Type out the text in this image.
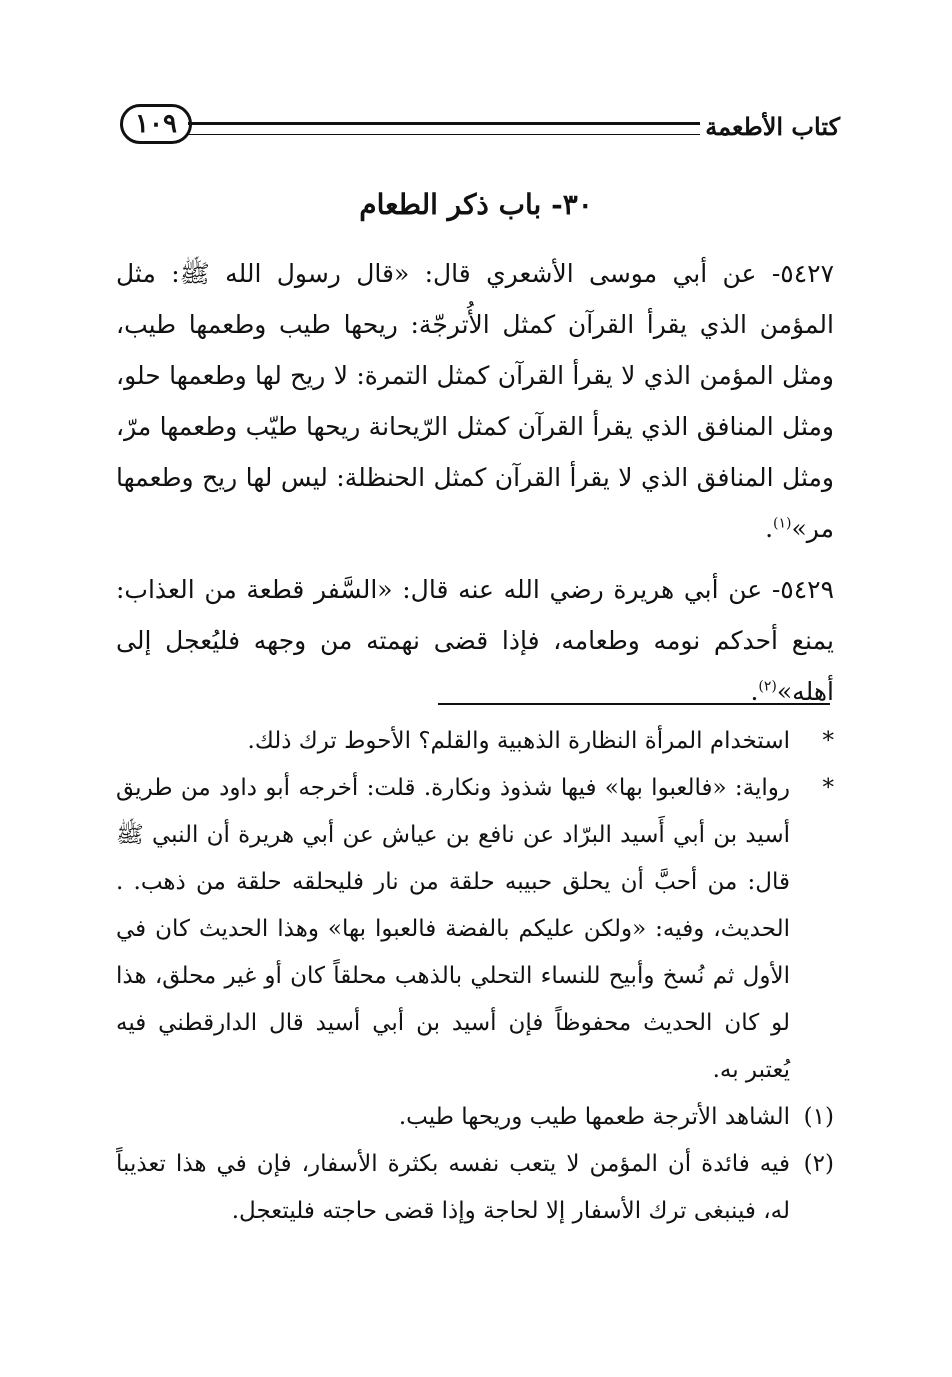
كتاب الأطعمة
١٠٩
٣٠- باب ذكر الطعام

٥٤٢٧- عن أبي موسى الأشعري قال: «قال رسول الله ﷺ: مثل المؤمن الذي يقرأ القرآن كمثل الأُترجّة: ريحها طيب وطعمها طيب، ومثل المؤمن الذي لا يقرأ القرآن كمثل التمرة: لا ريح لها وطعمها حلو، ومثل المنافق الذي يقرأ القرآن كمثل الرّيحانة ريحها طيّب وطعمها مرّ، ومثل المنافق الذي لا يقرأ القرآن كمثل الحنظلة: ليس لها ريح وطعمها مر»$^{(١)}$.

٥٤٢٩- عن أبي هريرة رضي الله عنه قال: «السَّفر قطعة من العذاب: يمنع أحدكم نومه وطعامه، فإذا قضى نهمته من وجهه فليُعجل إلى أهله»$^{(٢)}$.

*
استخدام المرأة النظارة الذهبية والقلم؟ الأحوط ترك ذلك.

*
رواية: «فالعبوا بها» فيها شذوذ ونكارة. قلت: أخرجه أبو داود من طريق أسيد بن أبي أَسيد البرّاد عن نافع بن عياش عن أبي هريرة أن النبي ﷺ قال: من أحبَّ أن يحلق حبيبه حلقة من نار فليحلقه حلقة من ذهب. . الحديث، وفيه: «ولكن عليكم بالفضة فالعبوا بها» وهذا الحديث كان في الأول ثم نُسخ وأبيح للنساء التحلي بالذهب محلقاً كان أو غير محلق، هذا لو كان الحديث محفوظاً فإن أسيد بن أبي أسيد قال الدارقطني فيه يُعتبر به.

(١)
الشاهد الأترجة طعمها طيب وريحها طيب.

(٢)
فيه فائدة أن المؤمن لا يتعب نفسه بكثرة الأسفار، فإن في هذا تعذيباً له، فينبغى ترك الأسفار إلا لحاجة وإذا قضى حاجته فليتعجل.
